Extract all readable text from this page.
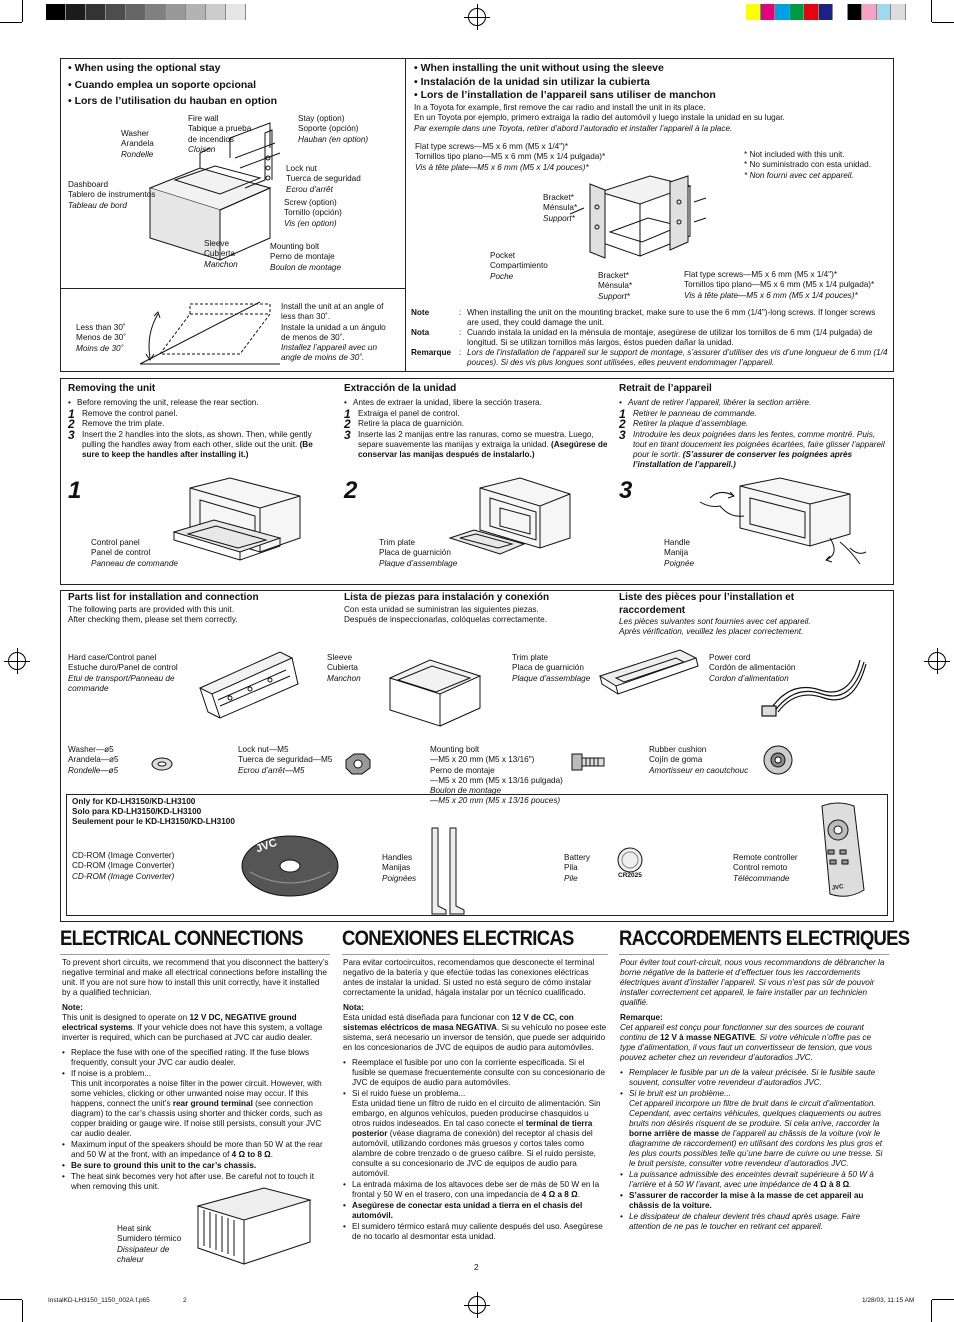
• When using the optional stay
• Cuando emplea un soporte opcional
• Lors de l’utilisation du hauban en option
Washer
Arandela
Rondelle
Fire wall
Tabique a prueba
de incendios
Cloison
Stay (option)
Soporte (opción)
Hauban (en option)
Lock nut
Tuerca de seguridad
Ecrou d’arrêt
Dashboard
Tablero de instrumentos
Tableau de bord	Screw (option)
Tornillo (opción)
Vis (en option)
Sleeve
Cubierta
Manchon
Mounting bolt
Perno de montaje
Boulon de montage
Less than 30˚
Menos de 30˚
Moins de 30˚
Install the unit at an angle of
less than 30˚.
Instale la unidad a un ángulo
de menos de 30˚.
Installez l’appareil avec un
angle de moins de 30˚.
• When installing the unit without using the sleeve
• Instalación de la unidad sin utilizar la cubierta
• Lors de l’installation de l’appareil sans utiliser de manchon
In a Toyota for example, first remove the car radio and install the unit in its place.
En un Toyota por ejemplo, primero extraiga la radio del automóvil y luego instale la unidad en su lugar.
Par exemple dans une Toyota, retirer d’abord l’autoradio et installer l’appareil à la place.
Flat type screws—M5 x 6 mm (M5 x 1/4")*
Tornillos tipo plano—M5 x 6 mm (M5 x 1/4 pulgada)*
Vis à tête plate—M5 x 6 mm (M5 x 1/4 pouces)*
* Not included with this unit.
* No suministrado con esta unidad.
* Non fourni avec cet appareil.
Bracket*
Ménsula*
Support*
Pocket
Compartimiento
Poche	Bracket*
Ménsula*
Support*
Flat type screws—M5 x 6 mm (M5 x 1/4")*
Tornillos tipo plano—M5 x 6 mm (M5 x 1/4 pulgada)*
Vis à tête plate—M5 x 6 mm (M5 x 1/4 pouces)*
Note	: When installing the unit on the mounting bracket, make sure to use the 6 mm (1/4")-long screws. If longer screws are used, they could damage the unit.
Nota	: Cuando instala la unidad en la ménsula de montaje, asegúrese de utilizar los tornillos de 6 mm (1/4 pulgada) de longitud. Si se utilizan tornillos más largos, éstos pueden dañar la unidad.
Remarque : Lors de l’installation de l’appareil sur le support de montage, s’assurer d’utiliser des vis d’une longueur de 6 mm (1/4 pouces). Si des vis plus longues sont utilisées, elles peuvent endommager l’appareil.
Removing the unit
• Before removing the unit, release the rear section.
1 Remove the control panel.
2 Remove the trim plate.
3 Insert the 2 handles into the slots, as shown. Then, while gently pulling the handles away from each other, slide out the unit. (Be sure to keep the handles after installing it.)
Extracción de la unidad
• Antes de extraer la unidad, libere la sección trasera.
1 Extraiga el panel de control.
2 Retire la placa de guarnición.
3 Inserte las 2 manijas entre las ranuras, como se muestra. Luego, separe suavemente las manijas y extraiga la unidad. (Asegúrese de conservar las manijas después de instalarlo.)
Retrait de l’appareil
• Avant de retirer l’appareil, libérer la section arrière.
1 Retirer le panneau de commande.
2 Retirer la plaque d’assemblage.
3 Introduire les deux poignées dans les fentes, comme montré. Puis, tout en tirant doucement les poignées écartées, faire glisser l’appareil pour le sortir. (S’assurer de conserver les poignées après l’installation de l’appareil.)
1	2	3
Control panel
Panel de control
Panneau de commande
Trim plate
Placa de guarnición
Plaque d’assemblage
Handle
Manija
Poignée
Parts list for installation and connection
The following parts are provided with this unit.
After checking them, please set them correctly.
Lista de piezas para instalación y conexión
Con esta unidad se suministran las siguientes piezas.
Después de inspeccionarlas, colóquelas correctamente.
Liste des pièces pour l’installation et
raccordement
Les pièces suivantes sont fournies avec cet appareil.
Après vérification, veuillez les placer correctement.
Hard case/Control panel
Estuche duro/Panel de control
Etui de transport/Panneau de
commande
Sleeve
Cubierta
Manchon
Trim plate
Placa de guarnición
Plaque d’assemblage
Power cord
Cordón de alimentación
Cordon d’alimentation
Washer—ø5
Arandela—ø5
Rondelle—ø5
Lock nut—M5
Tuerca de seguridad—M5
Ecrou d’arrêt—M5
Mounting bolt
—M5 x 20 mm (M5 x 13/16")
Perno de montaje
—M5 x 20 mm (M5 x 13/16 pulgada)
Boulon de montage
—M5 x 20 mm (M5 x 13/16 pouces)
Rubber cushion
Cojín de goma
Amortisseur en caoutchouc
Only for KD-LH3150/KD-LH3100
Solo para KD-LH3150/KD-LH3100
Seulement pour le KD-LH3150/KD-LH3100
CD-ROM (Image Converter)
CD-ROM (Image Converter)
CD-ROM (Image Converter)
JVC
Handles
Manijas
Poignées	CR2025
Battery
Pila
Pile
Remote controller
Control remoto
Télécommande
JVC
ELECTRICAL CONNECTIONS CONEXIONES ELECTRICAS RACCORDEMENTS ELECTRIQUES

To prevent short circuits, we recommend that you disconnect the battery’s negative terminal and make all electrical connections before installing the unit. If you are not sure how to install this unit correctly, have it installed by a qualified technician.

Note:

This unit is designed to operate on 12 V DC, NEGATIVE ground electrical systems. If your vehicle does not have this system, a voltage inverter is required, which can be purchased at JVC car audio dealer.

• Replace the fuse with one of the specified rating. If the fuse blows frequently, consult your JVC car audio dealer.
• If noise is a problem...
This unit incorporates a noise filter in the power circuit. However, with some vehicles, clicking or other unwanted noise may occur. If this happens, connect the unit’s rear ground terminal (see connection diagram) to the car’s chassis using shorter and thicker cords, such as copper braiding or gauge wire. If noise still persists, consult your JVC car audio dealer.
• Maximum input of the speakers should be more than 50 W at the rear and 50 W at the front, with an impedance of 4 Ω to 8 Ω.
• Be sure to ground this unit to the car’s chassis.
• The heat sink becomes very hot after use. Be careful not to touch it when removing this unit.
Heat sink
Sumidero térmico
Dissipateur de
chaleur

Para evitar cortocircuitos, recomendamos que desconecte el terminal negativo de la batería y que efectúe todas las conexiones eléctricas antes de instalar la unidad. Si usted no está seguro de cómo instalar correctamente la unidad, hágala instalar por un técnico cualificado.

Nota:

Esta unidad está diseñada para funcionar con 12 V de CC, con sistemas eléctricos de masa NEGATIVA. Si su vehículo no posee este sistema, será necesario un inversor de tensión, que puede ser adquirido en los concesionarios de JVC de equipos de audio para automóviles.

• Reemplace el fusible por uno con la corriente especificada. Si el fusible se quemase frecuentemente consulte con su concesionario de JVC de equipos de audio para automóviles.
• Si el ruido fuese un problema...
Esta unidad tiene un filtro de ruido en el circuito de alimentación. Sin embargo, en algunos vehículos, pueden producirse chasquidos u otros ruidos indeseados. En tal caso conecte el terminal de tierra posterior (véase diagrama de conexión) del receptor al chasis del automóvil, utilizando cordones más gruesos y cortos tales como alambre de cobre trenzado o de grueso calibre. Si el ruido persiste, consulte a su concesionario de JVC de equipos de audio para automóvil.
• La entrada máxima de los altavoces debe ser de más de 50 W en la frontal y 50 W en el trasero, con una impedancia de 4 Ω a 8 Ω.
• Asegúrese de conectar esta unidad a tierra en el chasis del automóvil.
• El sumidero térmico estará muy caliente después del uso. Asegúrese de no tocarlo al desmontar esta unidad.

Pour éviter tout court-circuit, nous vous recommandons de débrancher la borne négative de la batterie et d’effectuer tous les raccordements électriques avant d’installer l’appareil. Si vous n’est pas sûr de pouvoir installer correctement cet appareil, le faire installer par un technicien qualifié.

Remarque:

Cet appareil est conçu pour fonctionner sur des sources de courant continu de 12 V à masse NEGATIVE. Si votre véhicule n’offre pas ce type d’alimentation, il vous faut un convertisseur de tension, que vous pouvez acheter chez un revendeur d’autoradios JVC.

• Remplacer le fusible par un de la valeur précisée. Si le fusible saute souvent, consulter votre revendeur d’autoradios JVC.
• Si le bruit est un problème...
Cet appareil incorpore un filtre de bruit dans le circuit d’alimentation. Cependant, avec certains véhicules, quelques claquements ou autres bruits non désirés risquent de se produire. Si cela arrive, raccorder la borne arrière de masse de l’appareil au châssis de la voiture (voir le diagramme de raccordement) en utilisant des cordons les plus gros et les plus courts possibles telle qu’une barre de cuivre ou une tresse. Si le bruit persiste, consulter votre revendeur d’autoradios JVC.
• La puissance admissible des enceintes devrait supérieure à 50 W à l’arrière et à 50 W l’avant, avec une impédance de 4 Ω à 8 Ω.
• S’assurer de raccorder la mise à la masse de cet appareil au châssis de la voiture.
• Le dissipateur de chaleur devient très chaud après usage. Faire attention de ne pas le toucher en retirant cet appareil.
2
InstalKD-LH3150_1150_002A f.p65	2	1/28/03, 11:15 AM
